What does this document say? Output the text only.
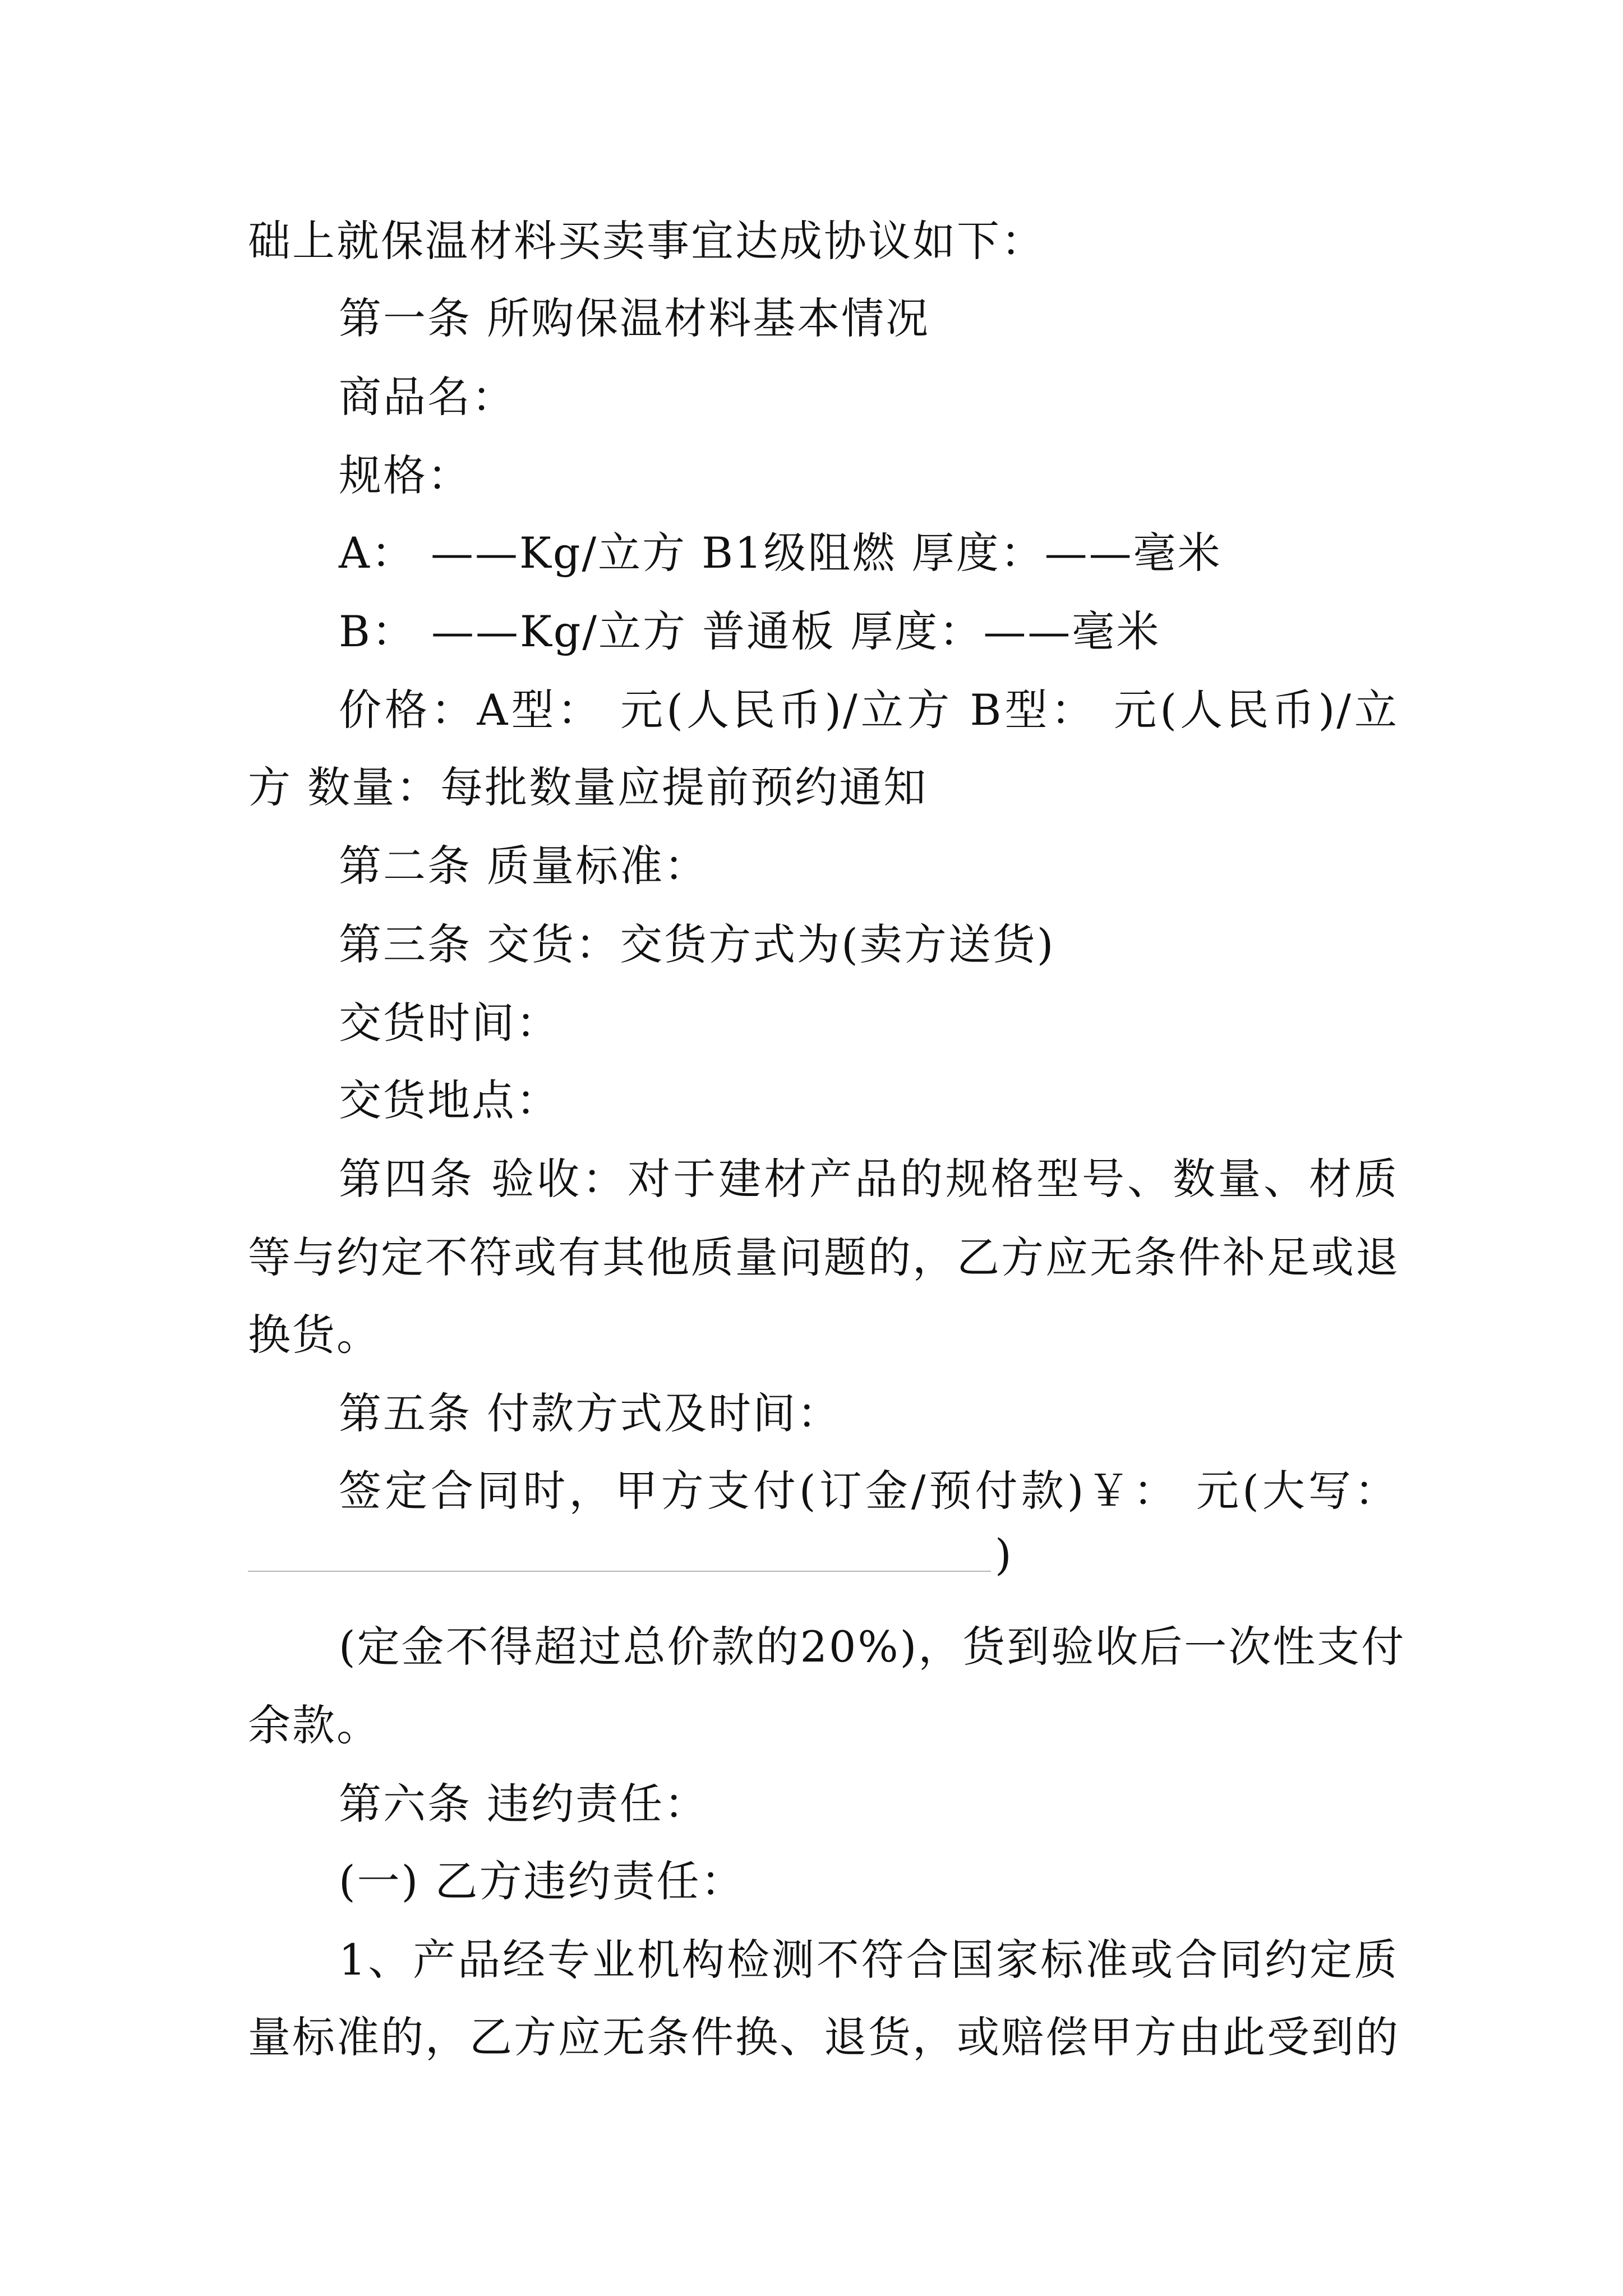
础上就保温材料买卖事宜达成协议如下：
第一条 所购保温材料基本情况
商品名：
规格：
A： ——Kg/立方 B1级阻燃 厚度：——毫米
B： ——Kg/立方 普通板 厚度：——毫米
价格：A型： 元(人民币)/立方 B型： 元(人民币)/立
方 数量：每批数量应提前预约通知
第二条 质量标准：
第三条 交货：交货方式为(卖方送货)
交货时间：
交货地点：
第四条 验收：对于建材产品的规格型号、数量、材质
等与约定不符或有其他质量问题的，乙方应无条件补足或退
换货。
第五条 付款方式及时间：
签定合同时，甲方支付(订金/预付款)￥： 元(大写：
)
(定金不得超过总价款的20%)，货到验收后一次性支付
余款。
第六条 违约责任：
(一) 乙方违约责任：
1、产品经专业机构检测不符合国家标准或合同约定质
量标准的，乙方应无条件换、退货，或赔偿甲方由此受到的
